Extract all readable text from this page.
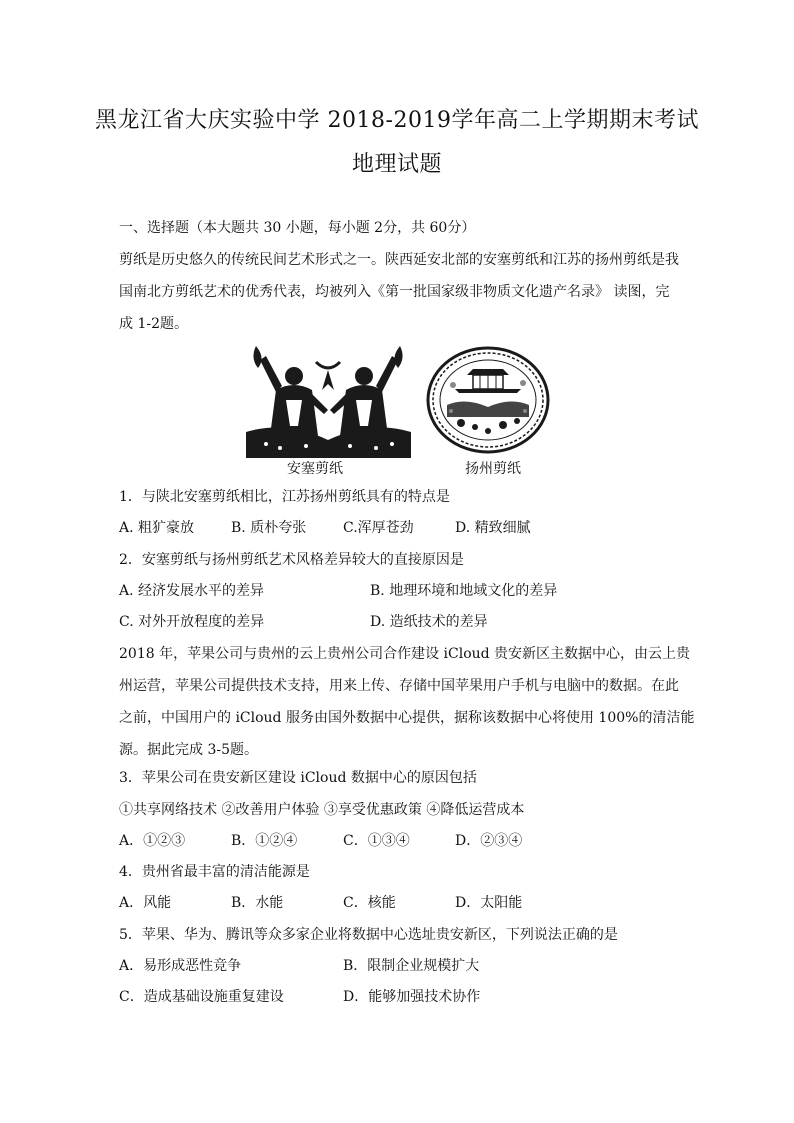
黑龙江省大庆实验中学 2018-2019学年高二上学期期末考试
地理试题
一、选择题（本大题共 30 小题，每小题 2分，共 60分）
剪纸是历史悠久的传统民间艺术形式之一。陕西延安北部的安塞剪纸和江苏的扬州剪纸是我
国南北方剪纸艺术的优秀代表，均被列入《第一批国家级非物质文化遗产名录》 读图，完
成 1-2题。
安塞剪纸	扬州剪纸
1．与陕北安塞剪纸相比，江苏扬州剪纸具有的特点是
A. 粗犷豪放	B. 质朴夸张	C.浑厚苍劲	D. 精致细腻
2．安塞剪纸与扬州剪纸艺术风格差异较大的直接原因是
A. 经济发展水平的差异	B. 地理环境和地域文化的差异
C. 对外开放程度的差异	D. 造纸技术的差异
2018 年，苹果公司与贵州的云上贵州公司合作建设 iCloud 贵安新区主数据中心，由云上贵
州运营，苹果公司提供技术支持，用来上传、存储中国苹果用户手机与电脑中的数据。在此
之前，中国用户的 iCloud 服务由国外数据中心提供，据称该数据中心将使用 100%的清洁能
源。据此完成 3-5题。
3．苹果公司在贵安新区建设 iCloud 数据中心的原因包括
①共享网络技术 ②改善用户体验 ③享受优惠政策 ④降低运营成本
A．①②③	B．①②④	C．①③④	D．②③④
4．贵州省最丰富的清洁能源是
A．风能	B．水能	C．核能	D．太阳能
5．苹果、华为、腾讯等众多家企业将数据中心选址贵安新区，下列说法正确的是
A．易形成恶性竞争	B．限制企业规模扩大
C．造成基础设施重复建设	D．能够加强技术协作
